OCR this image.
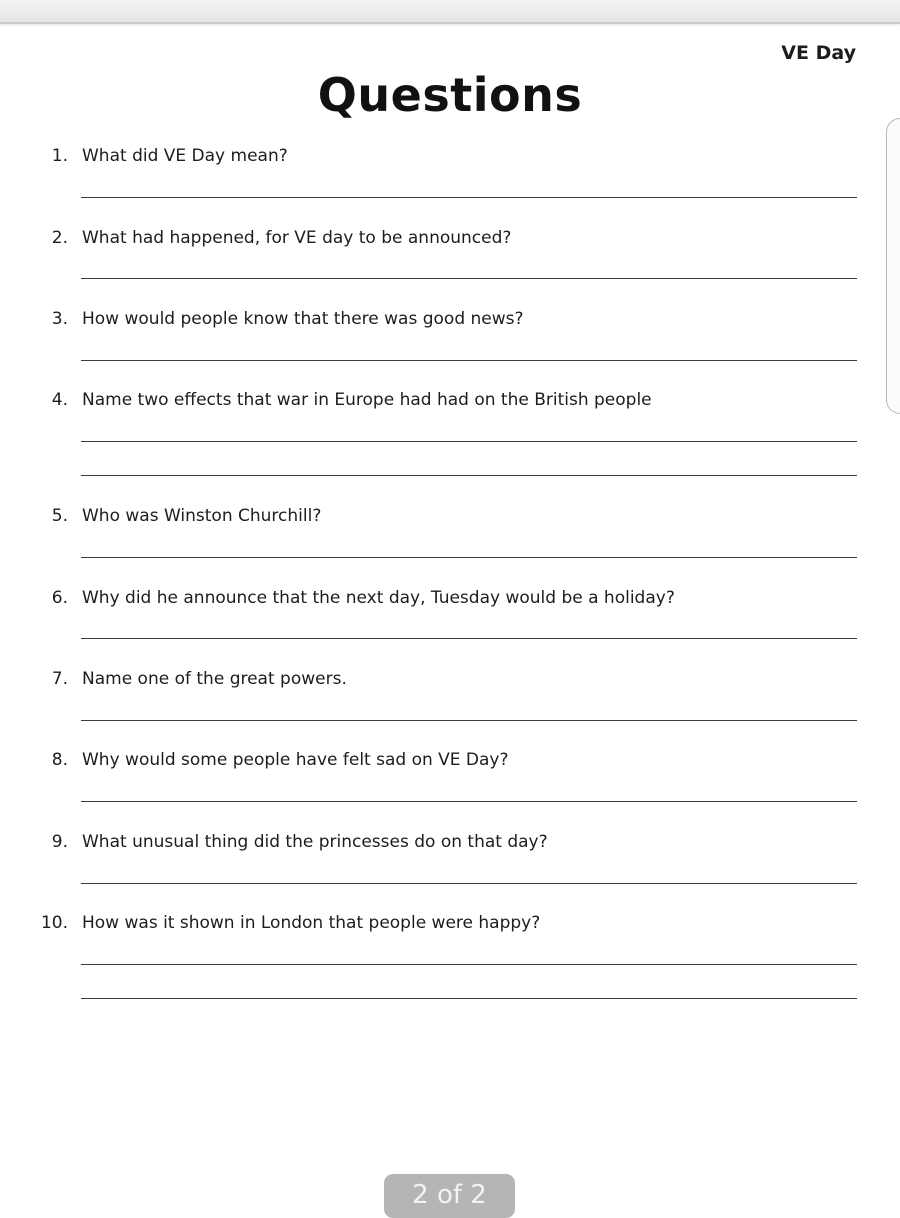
VE Day
Questions
1. What did VE Day mean?
2. What had happened, for VE day to be announced?
3. How would people know that there was good news?
4. Name two effects that war in Europe had had on the British people
5. Who was Winston Churchill?
6. Why did he announce that the next day, Tuesday would be a holiday?
7. Name one of the great powers.
8. Why would some people have felt sad on VE Day?
9. What unusual thing did the princesses do on that day?
10. How was it shown in London that people were happy?
2 of 2
